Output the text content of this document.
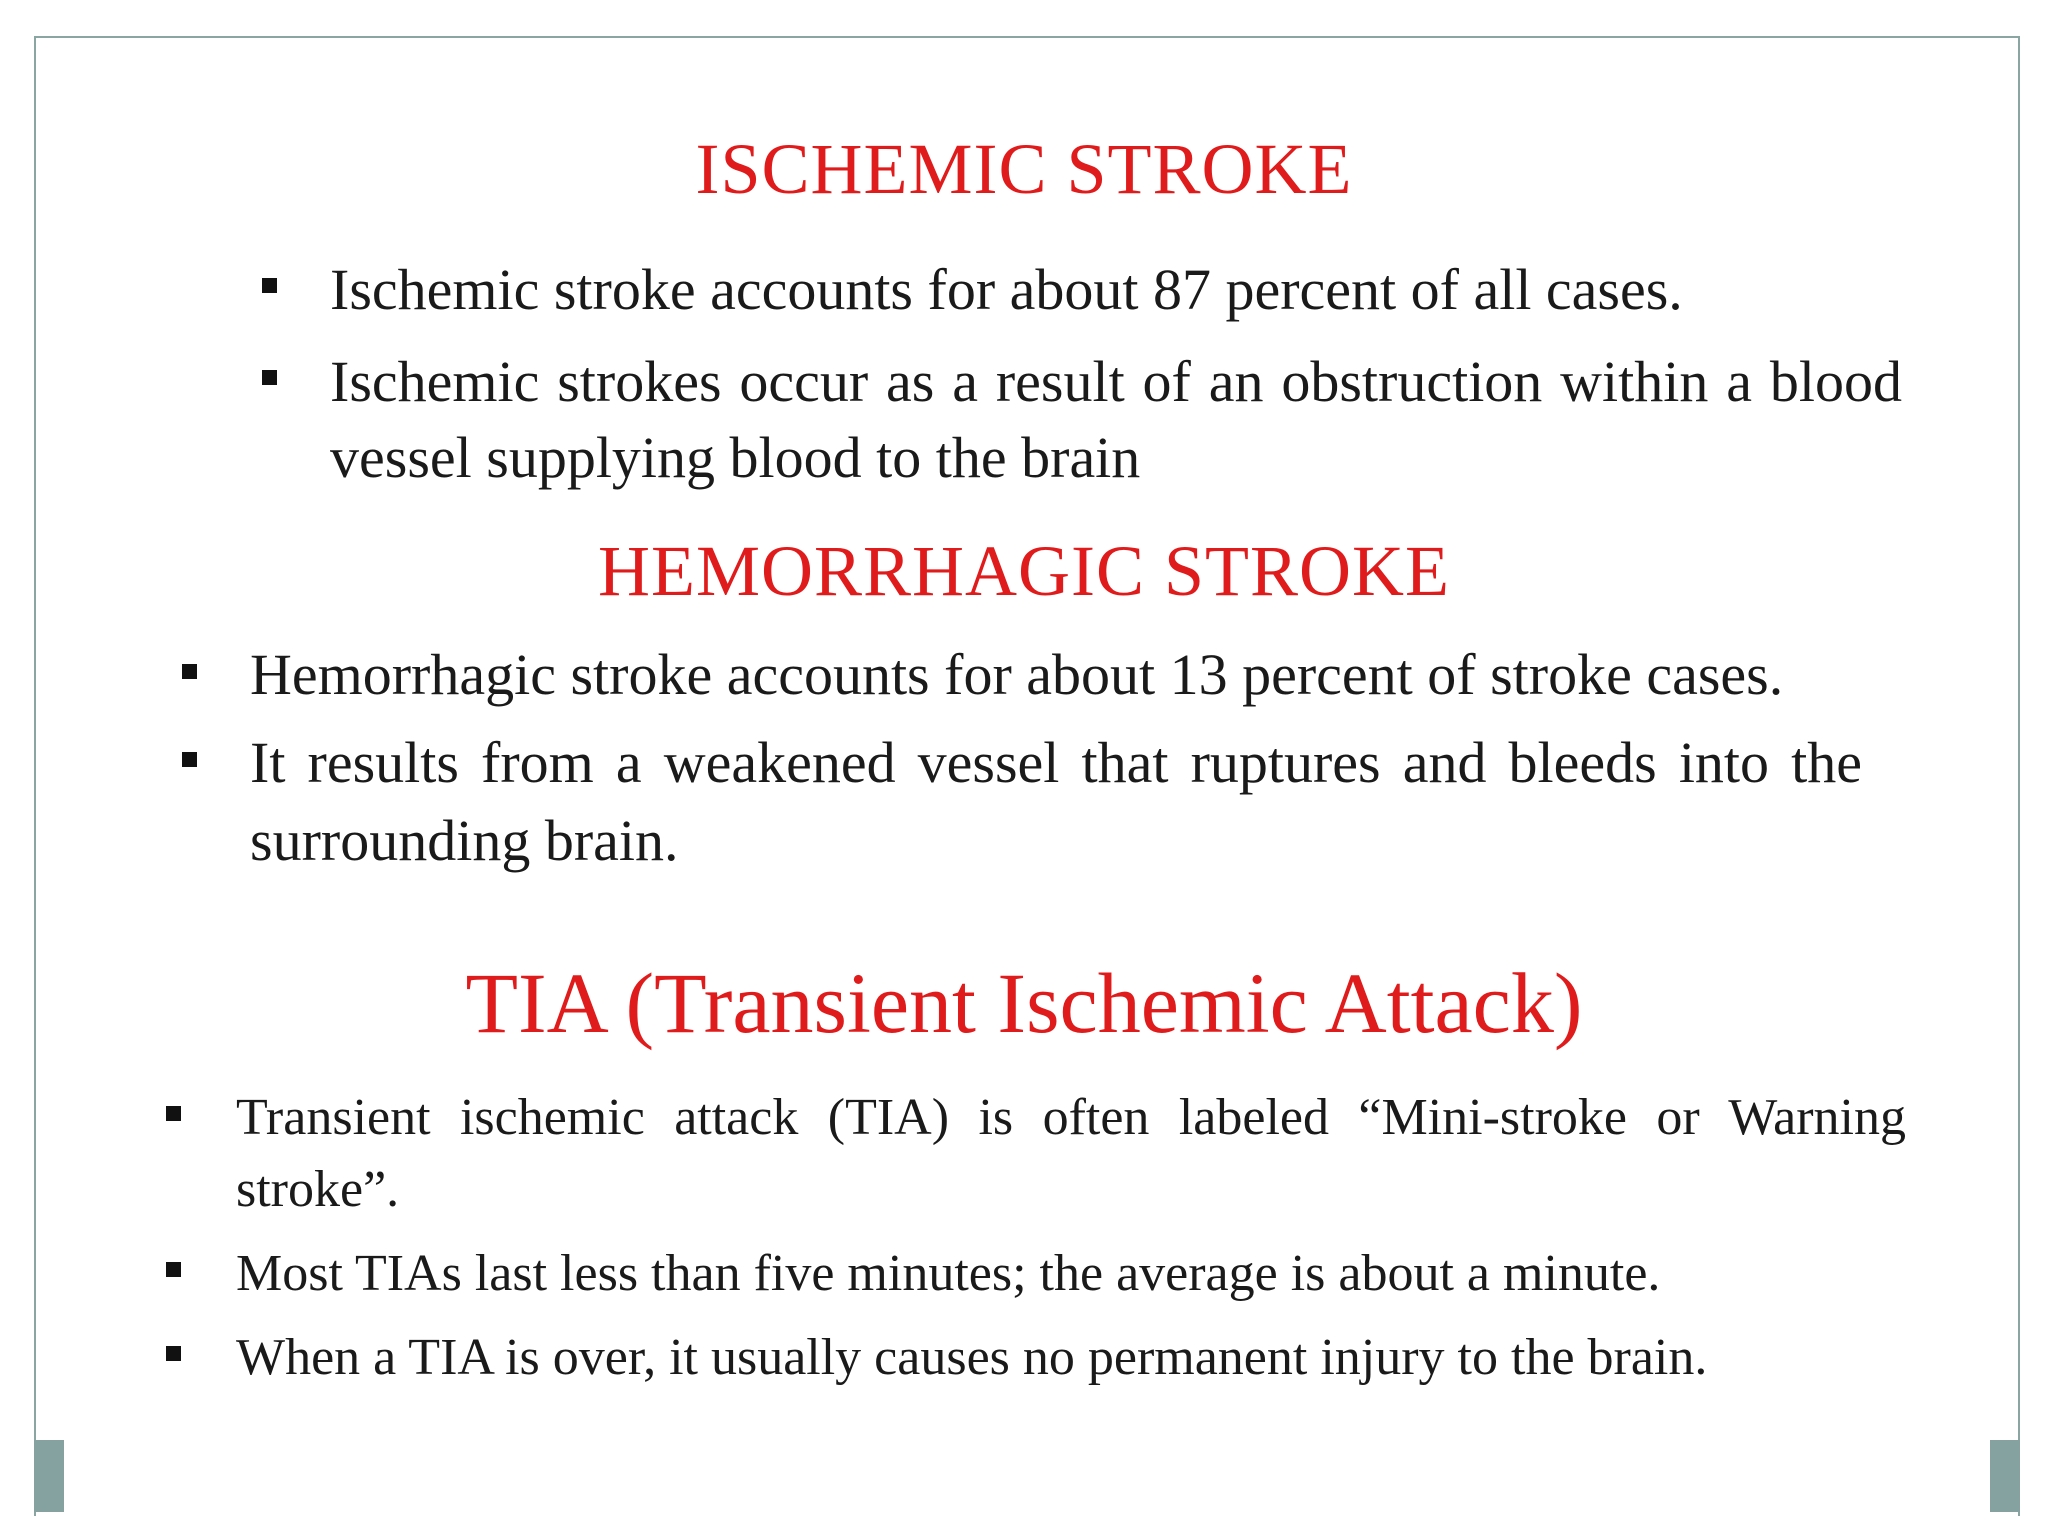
ISCHEMIC STROKE
Ischemic stroke accounts for about 87 percent of all cases.
Ischemic strokes occur as a result of an obstruction within a blood vessel supplying blood to the brain
HEMORRHAGIC STROKE
Hemorrhagic stroke accounts for about 13 percent of stroke cases.
It results from a weakened vessel that ruptures and bleeds into the surrounding brain.
TIA (Transient Ischemic Attack)
Transient ischemic attack (TIA) is often labeled “Mini-stroke or Warning stroke”.
Most TIAs last less than five minutes; the average is about a minute.
When a TIA is over, it usually causes no permanent injury to the brain.
